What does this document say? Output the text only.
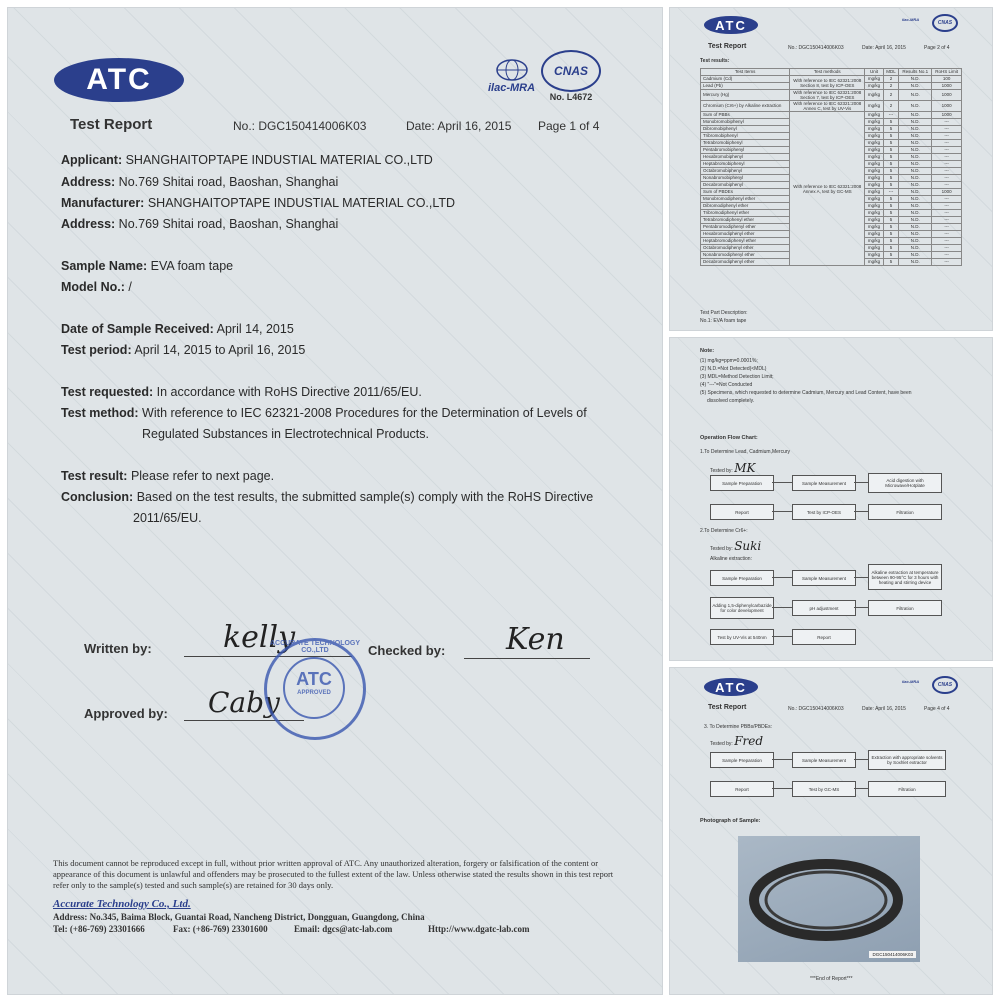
ATC	ilac-MRA
CNAS
No. L4672
Test Report	No.: DGC150414006K03	Date: April 16, 2015 Page 1 of 4
Applicant: SHANGHAITOPTAPE INDUSTIAL MATERIAL CO.,LTD
Address: No.769 Shitai road, Baoshan, Shanghai
Manufacturer: SHANGHAITOPTAPE INDUSTIAL MATERIAL CO.,LTD
Address: No.769 Shitai road, Baoshan, Shanghai
Sample Name: EVA foam tape
Model No.: /
Date of Sample Received: April 14, 2015
Test period: April 14, 2015 to April 16, 2015
Test requested: In accordance with RoHS Directive 2011/65/EU.
Test method: With reference to IEC 62321-2008 Procedures for the Determination of Levels of
Regulated Substances in Electrotechnical Products.
Test result: Please refer to next page.
Conclusion: Based on the test results, the submitted sample(s) comply with the RoHS Directive
2011/65/EU.
Written by: kelly	Checked by: Ken
Approved by: Caby
ACCURATE TECHNOLOGY CO.,LTD
ATC
APPROVED
This document cannot be reproduced except in full, without prior written approval of ATC. Any unauthorized alteration, forgery or falsification of the content or
appearance of this document is unlawful and offenders may be prosecuted to the fullest extent of the law. Unless otherwise stated the results shown in this test report
refer only to the sample(s) tested and such sample(s) are retained for 30 days only.
Accurate Technology Co., Ltd.
Address: No.345, Baima Block, Guantai Road, Nancheng District, Dongguan, Guangdong, China
Tel: (+86-769) 23301666	Fax: (+86-769) 23301600	Email: dgcs@atc-lab.com	Http://www.dgatc-lab.com
ATC	CNAS
ilac-MRA
Test Report	No.: DGC150414006K03	Date: April 16, 2015	Page 2 of 4
Test results:
Test Items	Test methods	Unit	MDL	Results No.1	RoHS Limit
Cadmium (Cd)	With reference to IEC 62321:2008 Section 8, test by ICP-OES	mg/kg	2	N.D.	100
Lead (Pb)		mg/kg	2	N.D.	1000
Mercury (Hg)	With reference to IEC 62321:2008 Section 7, test by ICP-OES	mg/kg	2	N.D.	1000
Chromium (Cr6+) by Alkaline extraction	With reference to IEC 62321:2008 Annex C, test by UV-Vis	mg/kg	2	N.D.	1000
Sum of PBBs	With reference to IEC 62321:2008 Annex A, test by GC-MS	mg/kg	---	N.D.	1000
Monobromobiphenyl		mg/kg	5	N.D.	---
Dibromobiphenyl		mg/kg	5	N.D.	---
Tribromobiphenyl		mg/kg	5	N.D.	---
Tetrabromobiphenyl		mg/kg	5	N.D.	---
Pentabromobiphenyl		mg/kg	5	N.D.	---
Hexabromobiphenyl		mg/kg	5	N.D.	---
Heptabromobiphenyl		mg/kg	5	N.D.	---
Octabromobiphenyl		mg/kg	5	N.D.	---
Nonabromobiphenyl		mg/kg	5	N.D.	---
Decabromobiphenyl		mg/kg	5	N.D.	---
Sum of PBDEs		mg/kg	---	N.D.	1000
Monobromodiphenyl ether		mg/kg	5	N.D.	---
Dibromodiphenyl ether		mg/kg	5	N.D.	---
Tribromodiphenyl ether		mg/kg	5	N.D.	---
Tetrabromodiphenyl ether		mg/kg	5	N.D.	---
Pentabromodiphenyl ether		mg/kg	5	N.D.	---
Hexabromodiphenyl ether		mg/kg	5	N.D.	---
Heptabromodiphenyl ether		mg/kg	5	N.D.	---
Octabromodiphenyl ether		mg/kg	5	N.D.	---
Nonabromodiphenyl ether		mg/kg	5	N.D.	---
Decabromodiphenyl ether		mg/kg	5	N.D.	---
Test Part Description:
No.1: EVA foam tape
Note:
(1) mg/kg=ppm=0.0001%;
(2) N.D.=Not Detected(<MDL)
(3) MDL=Method Detection Limit;
(4) "---"=Not Conducted
(5) Specimens, which requested to determine Cadmium, Mercury and Lead Content, have been
dissolved completely.
Operation Flow Chart:
1.To Determine Lead, Cadmium,Mercury
Tested by: MK
Sample Preparation	Sample Measurement	Acid digestion with Microwave/Hotplate
Report	Test by ICP-OES	Filtration
2.To Determine Cr6+:
Tested by: Suki
Alkaline extraction:
Sample Preparation	Sample Measurement
Alkaline extraction at temperature between 90-95°C for 3 hours with heating and stirring device
Adding 1,5-diphenylcarbazide for color development	pH adjustment	Filtration
Test by UV-Vis at 540nm	Report
ATC	CNAS
ilac-MRA
Test Report	No.: DGC150414006K03	Date: April 16, 2015	Page 4 of 4
3. To Determine PBBs/PBDEs:
Tested by: Fred
Sample Preparation	Sample Measurement	Extraction with appropriate solvents by Soxhlet extractor
Report	Test by GC-MS	Filtration
Photograph of Sample:
DGC150414006K03
***End of Report***
